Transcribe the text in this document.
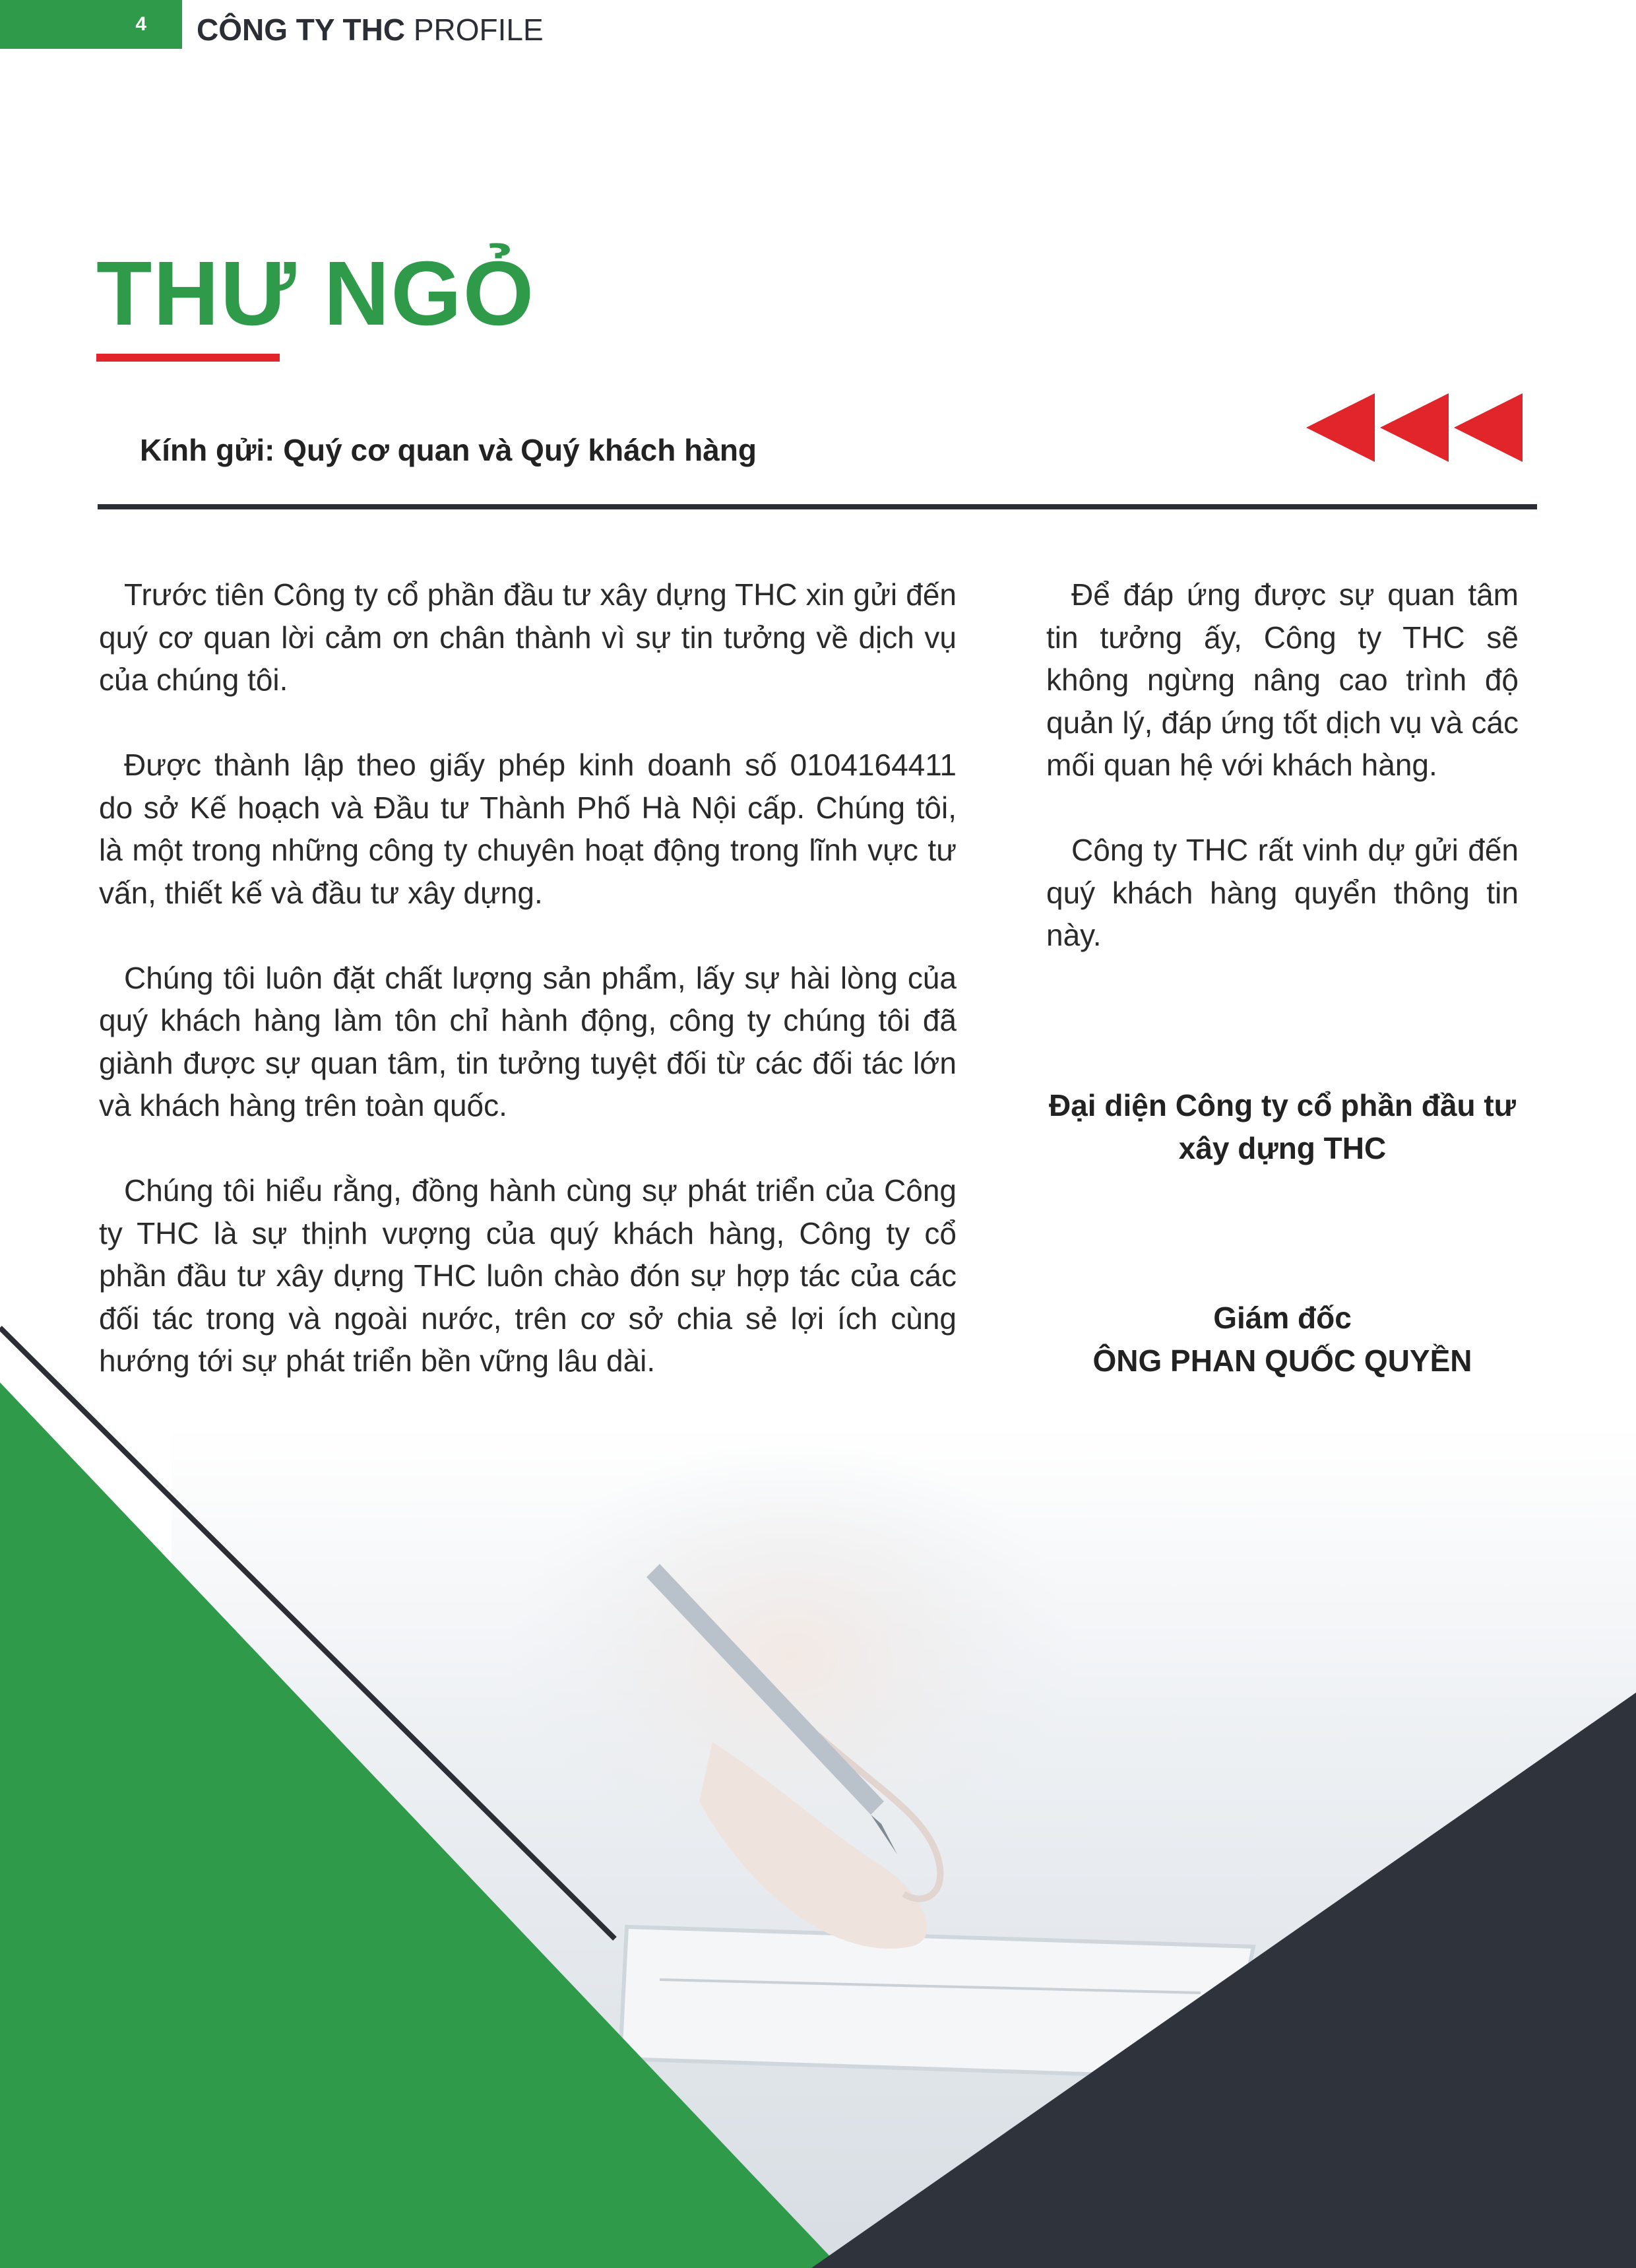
4 CÔNG TY THC PROFILE
THƯ NGỎ
Kính gửi: Quý cơ quan và Quý khách hàng

Trước tiên Công ty cổ phần đầu tư xây dựng THC xin gửi đến quý cơ quan lời cảm ơn chân thành vì sự tin tưởng về dịch vụ của chúng tôi.

Được thành lập theo giấy phép kinh doanh số 0104164411 do sở Kế hoạch và Đầu tư Thành Phố Hà Nội cấp. Chúng tôi, là một trong những công ty chuyên hoạt động trong lĩnh vực tư vấn, thiết kế và đầu tư xây dựng.

Chúng tôi luôn đặt chất lượng sản phẩm, lấy sự hài lòng của quý khách hàng làm tôn chỉ hành động, công ty chúng tôi đã giành được sự quan tâm, tin tưởng tuyệt đối từ các đối tác lớn và khách hàng trên toàn quốc.

Chúng tôi hiểu rằng, đồng hành cùng sự phát triển của Công ty THC là sự thịnh vượng của quý khách hàng, Công ty cổ phần đầu tư xây dựng THC luôn chào đón sự hợp tác của các đối tác trong và ngoài nước, trên cơ sở chia sẻ lợi ích cùng hướng tới sự phát triển bền vững lâu dài.

Để đáp ứng được sự quan tâm tin tưởng ấy, Công ty THC sẽ không ngừng nâng cao trình độ quản lý, đáp ứng tốt dịch vụ và các mối quan hệ với khách hàng.

Công ty THC rất vinh dự gửi đến quý khách hàng quyển thông tin này.

Đại diện Công ty cổ phần đầu tư
xây dựng THC
Giám đốc
ÔNG PHAN QUỐC QUYỀN
